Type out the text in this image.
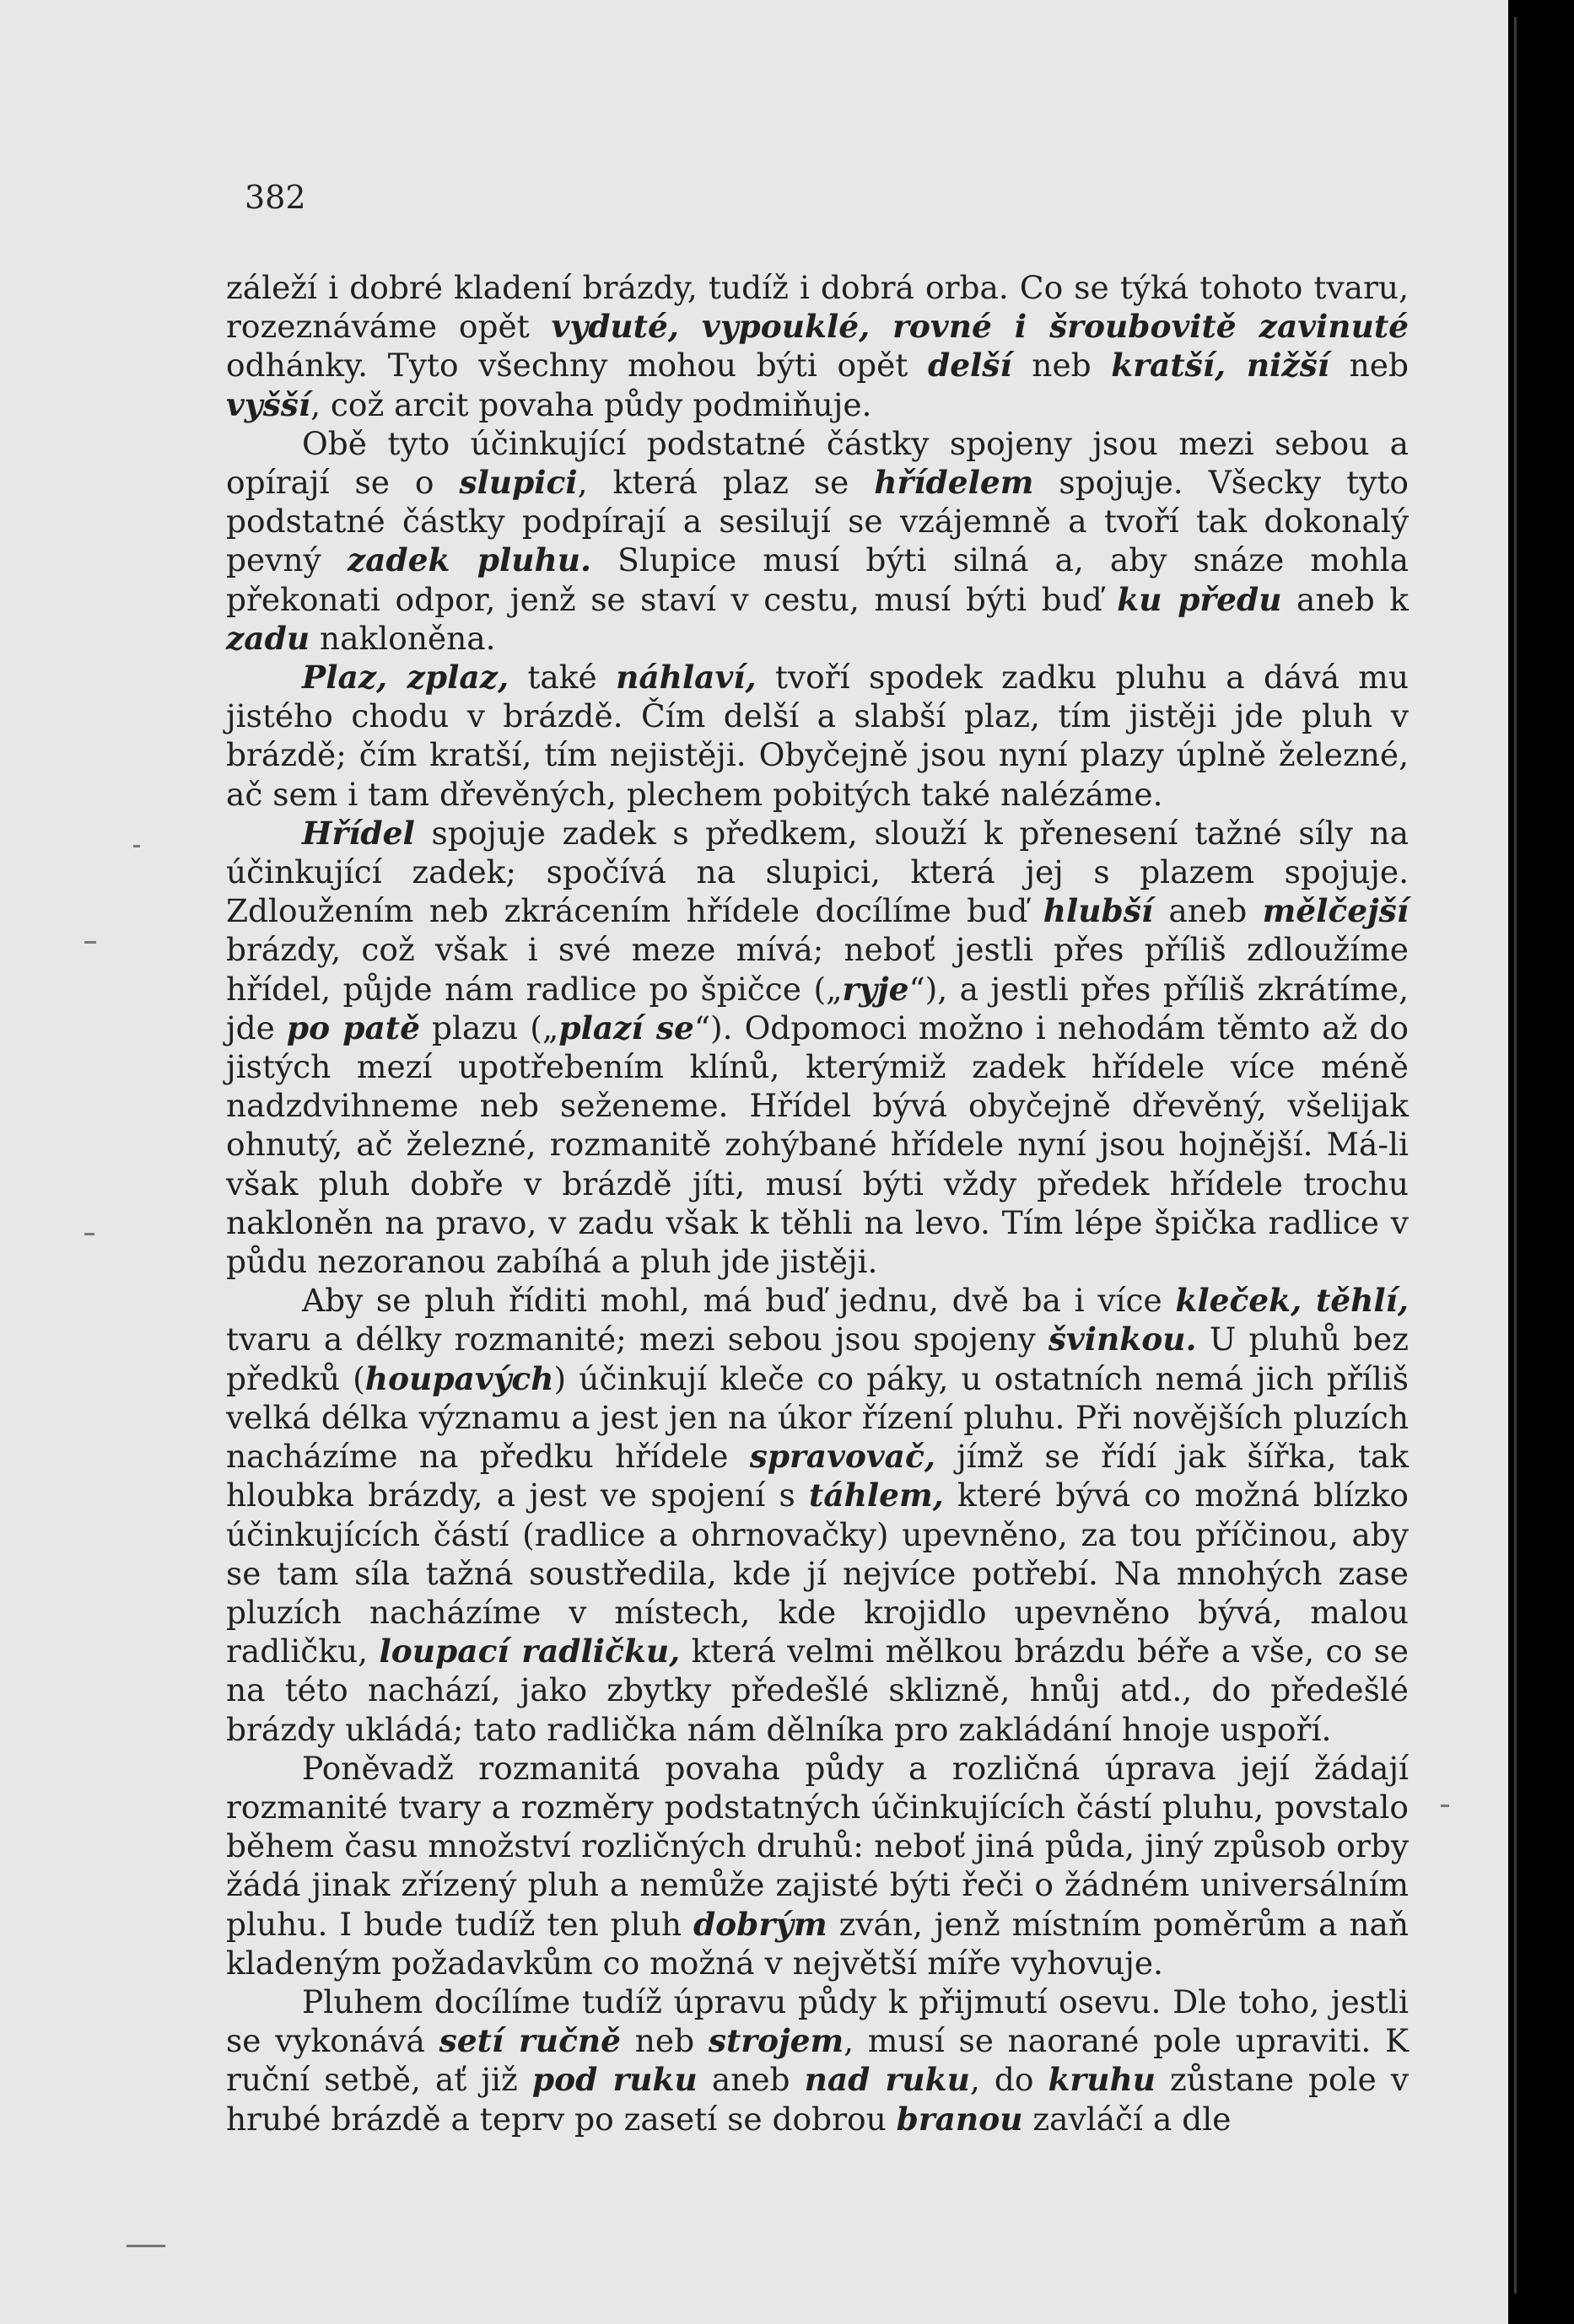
382

záleží i dobré kladení brázdy, tudíž i dobrá orba. Co se týká tohoto tvaru, rozeznáváme opět vyduté, vypouklé, rovné i šroubovitě zavinuté odhánky. Tyto všechny mohou býti opět delší neb kratší, nižší neb vyšší, což arcit povaha půdy podmiňuje.

Obě tyto účinkující podstatné částky spojeny jsou mezi sebou a opírají se o slupici, která plaz se hřídelem spojuje. Všecky tyto podstatné částky podpírají a sesilují se vzájemně a tvoří tak dokonalý pevný zadek pluhu. Slupice musí býti silná a, aby snáze mohla překonati odpor, jenž se staví v cestu, musí býti buď ku předu aneb k zadu nakloněna.

Plaz, zplaz, také náhlaví, tvoří spodek zadku pluhu a dává mu jistého chodu v brázdě. Čím delší a slabší plaz, tím jistěji jde pluh v brázdě; čím kratší, tím nejistěji. Obyčejně jsou nyní plazy úplně železné, ač sem i tam dřevěných, plechem pobitých také nalézáme.

Hřídel spojuje zadek s předkem, slouží k přenesení tažné síly na účinkující zadek; spočívá na slupici, která jej s plazem spojuje. Zdloužením neb zkrácením hřídele docílíme buď hlubší aneb mělčejší brázdy, což však i své meze mívá; neboť jestli přes příliš zdloužíme hřídel, půjde nám radlice po špičce („ryje“), a jestli přes příliš zkrátíme, jde po patě plazu („plazí se“). Odpomoci možno i nehodám těmto až do jistých mezí upotřebením klínů, kterýmiž zadek hřídele více méně nadzdvihneme neb seženeme. Hřídel bývá obyčejně dřevěný, všelijak ohnutý, ač železné, rozmanitě zohýbané hřídele nyní jsou hojnější. Má-li však pluh dobře v brázdě jíti, musí býti vždy předek hřídele trochu nakloněn na pravo, v zadu však k těhli na levo. Tím lépe špička radlice v půdu nezoranou zabíhá a pluh jde jistěji.

Aby se pluh říditi mohl, má buď jednu, dvě ba i více kleček, těhlí, tvaru a délky rozmanité; mezi sebou jsou spojeny švinkou. U pluhů bez předků (houpavých) účinkují kleče co páky, u ostatních nemá jich příliš velká délka významu a jest jen na úkor řízení pluhu. Při novějších pluzích nacházíme na předku hřídele spravovač, jímž se řídí jak šířka, tak hloubka brázdy, a jest ve spojení s táhlem, které bývá co možná blízko účinkujících částí (radlice a ohrnovačky) upevněno, za tou příčinou, aby se tam síla tažná soustředila, kde jí nejvíce potřebí. Na mnohých zase pluzích nacházíme v místech, kde krojidlo upevněno bývá, malou radličku, loupací radličku, která velmi mělkou brázdu béře a vše, co se na této nachází, jako zbytky předešlé sklizně, hnůj atd., do předešlé brázdy ukládá; tato radlička nám dělníka pro zakládání hnoje uspoří.

Poněvadž rozmanitá povaha půdy a rozličná úprava její žádají rozmanité tvary a rozměry podstatných účinkujících částí pluhu, povstalo během času množství rozličných druhů: neboť jiná půda, jiný způsob orby žádá jinak zřízený pluh a nemůže zajisté býti řeči o žádném universálním pluhu. I bude tudíž ten pluh dobrým zván, jenž místním poměrům a naň kladeným požadavkům co možná v největší míře vyhovuje.

Pluhem docílíme tudíž úpravu půdy k přijmutí osevu. Dle toho, jestli se vykonává setí ručně neb strojem, musí se naorané pole upraviti. K ruční setbě, ať již pod ruku aneb nad ruku, do kruhu zůstane pole v hrubé brázdě a teprv po zasetí se dobrou branou zavláčí a dle
